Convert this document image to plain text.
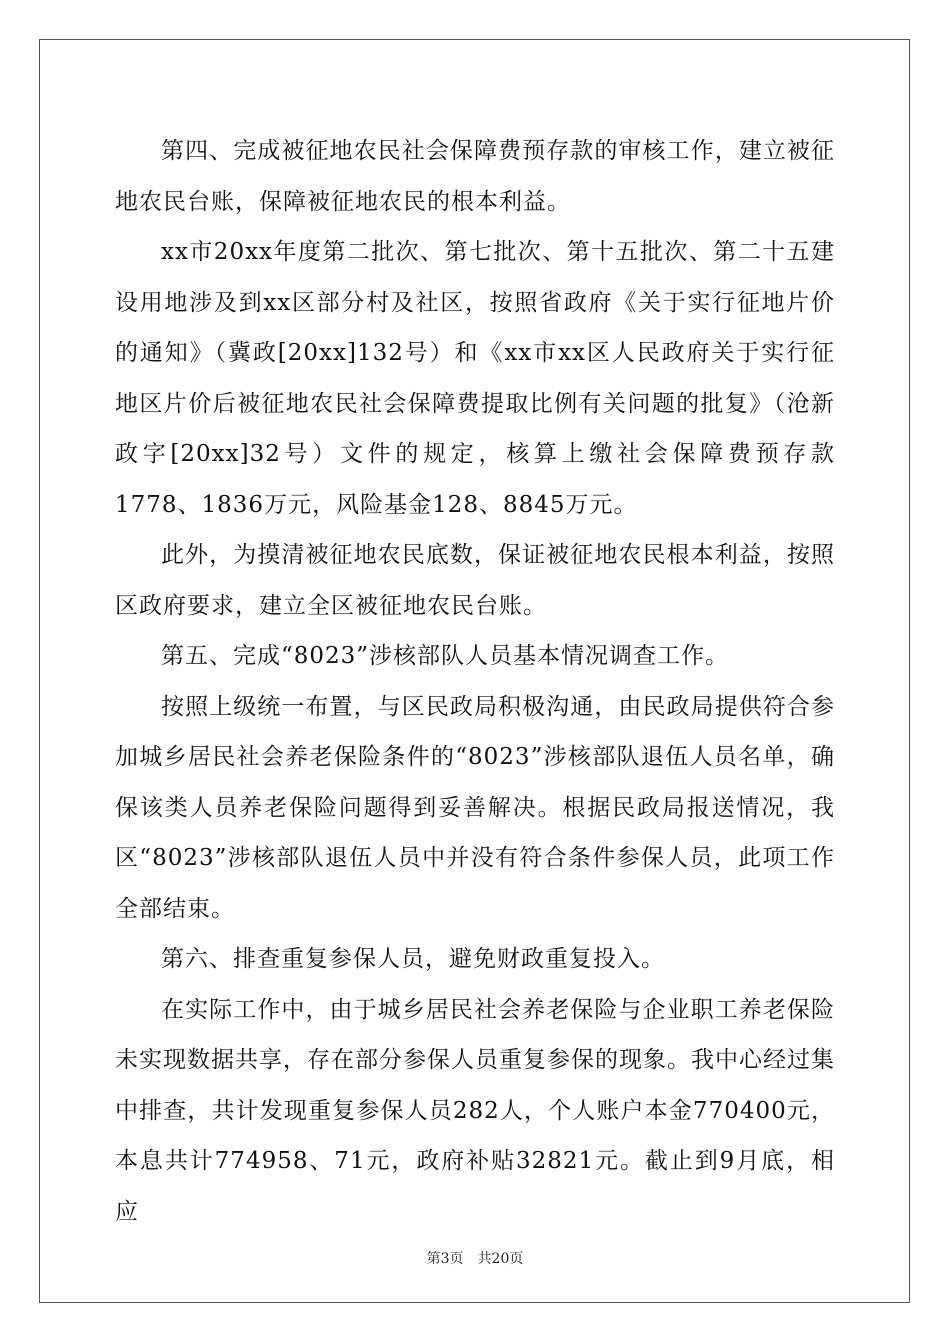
第四、完成被征地农民社会保障费预存款的审核工作，建立被征地农民台账，保障被征地农民的根本利益。

xx市20xx年度第二批次、第七批次、第十五批次、第二十五建设用地涉及到xx区部分村及社区，按照省政府《关于实行征地片价的通知》（冀政[20xx]132号）和《xx市xx区人民政府关于实行征地区片价后被征地农民社会保障费提取比例有关问题的批复》（沧新政字[20xx]32号）文件的规定，核算上缴社会保障费预存款1778、1836万元，风险基金128、8845万元。

此外，为摸清被征地农民底数，保证被征地农民根本利益，按照区政府要求，建立全区被征地农民台账。

第五、完成“8023”涉核部队人员基本情况调查工作。

按照上级统一布置，与区民政局积极沟通，由民政局提供符合参加城乡居民社会养老保险条件的“8023”涉核部队退伍人员名单，确保该类人员养老保险问题得到妥善解决。根据民政局报送情况，我区“8023”涉核部队退伍人员中并没有符合条件参保人员，此项工作全部结束。

第六、排查重复参保人员，避免财政重复投入。

在实际工作中，由于城乡居民社会养老保险与企业职工养老保险未实现数据共享，存在部分参保人员重复参保的现象。我中心经过集中排查，共计发现重复参保人员282人，个人账户本金770400元，本息共计774958、71元，政府补贴32821元。截止到9月底，相应

第3页 共20页
